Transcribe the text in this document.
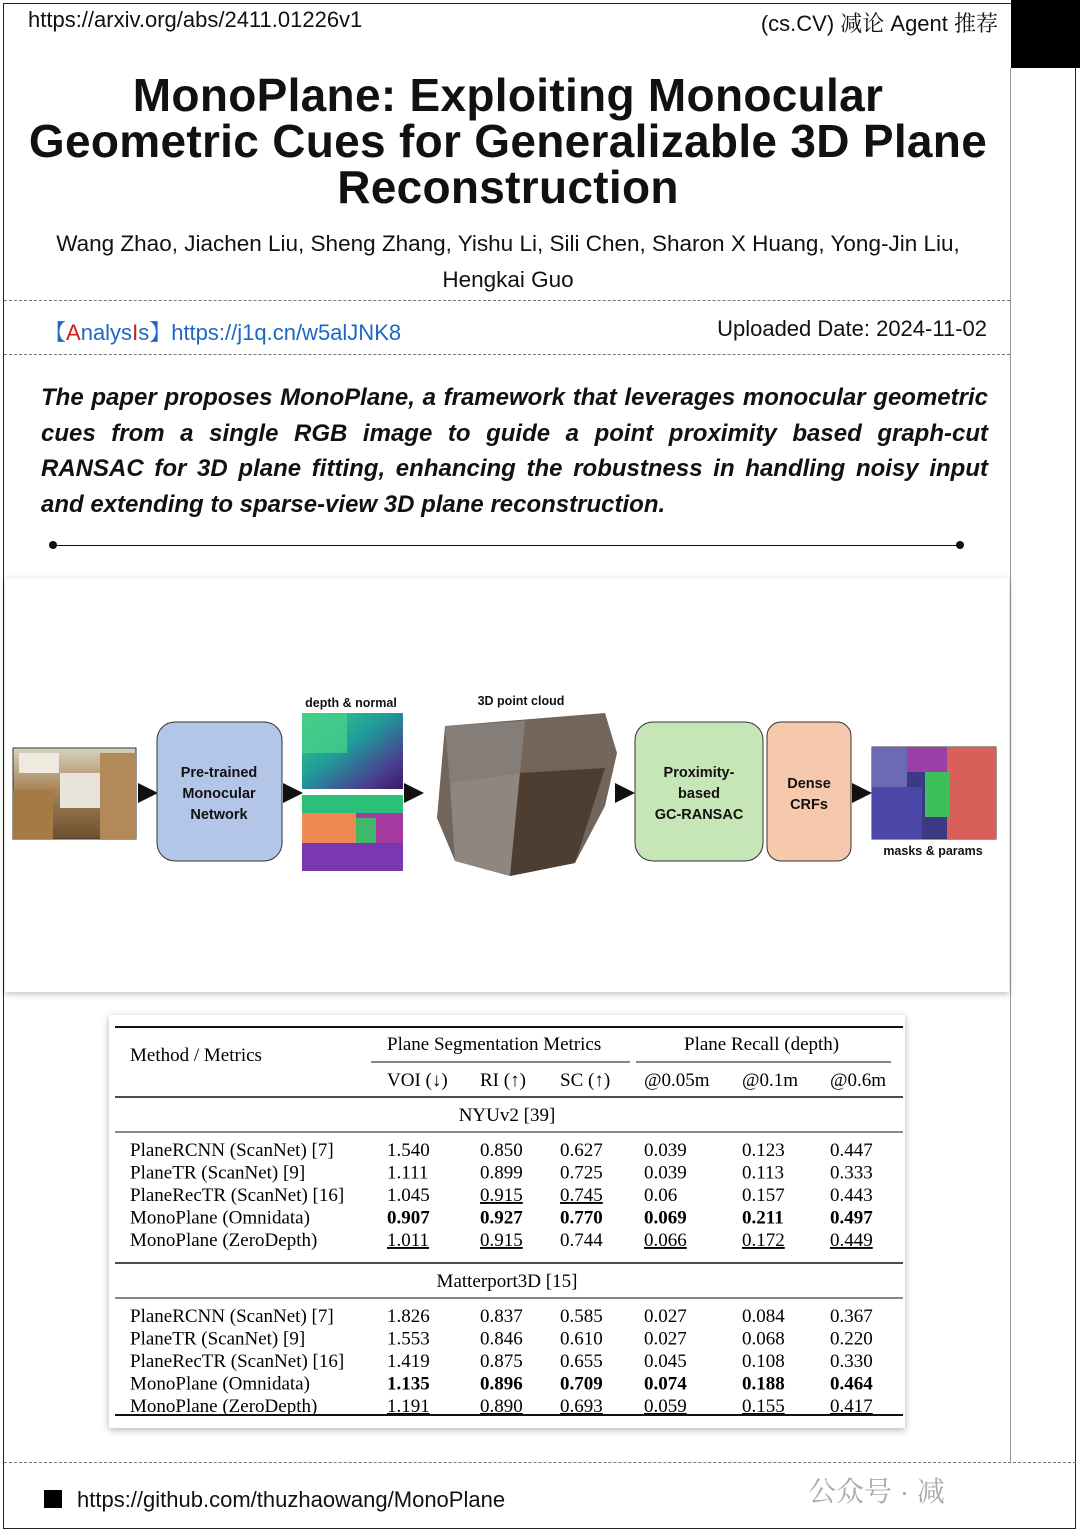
https://arxiv.org/abs/2411.01226v1	(cs.CV) 减论 Agent 推荐
MonoPlane: Exploiting Monocular
Geometric Cues for Generalizable 3D Plane
Reconstruction
Wang Zhao, Jiachen Liu, Sheng Zhang, Yishu Li, Sili Chen, Sharon X Huang, Yong-Jin Liu,
Hengkai Guo
【AnalysIs】https://j1q.cn/w5alJNK8	Uploaded Date: 2024-11-02
The paper proposes MonoPlane, a framework that leverages monocular geometric cues from a single RGB image to guide a point proximity based graph-cut RANSAC for 3D plane fitting, enhancing the robustness in handling noisy input and extending to sparse-view 3D plane reconstruction.
Pre-trained
Monocular
Network
depth & normal	3D point cloud
Proximity-
based
GC-RANSAC
Dense
CRFs
masks & params
Method / Metrics
Plane Segmentation Metrics	Plane Recall (depth)
VOI (↓) RI (↑) SC (↑) @0.05m @0.1m @0.6m
NYUv2 [39]
PlaneRCNN (ScanNet) [7]	1.540	0.850 0.627 0.039	0.123 0.447
PlaneTR (ScanNet) [9]	1.111	0.899 0.725 0.039	0.113 0.333
PlaneRecTR (ScanNet) [16] 1.045	0.915 0.745 0.06	0.157 0.443
MonoPlane (Omnidata)	0.907	0.927 0.770 0.069	0.211 0.497
MonoPlane (ZeroDepth)	1.011	0.915 0.744 0.066	0.172 0.449
Matterport3D [15]
PlaneRCNN (ScanNet) [7]	1.826	0.837 0.585 0.027	0.084 0.367
PlaneTR (ScanNet) [9]	1.553	0.846 0.610 0.027	0.068 0.220
PlaneRecTR (ScanNet) [16] 1.419	0.875 0.655 0.045	0.108 0.330
MonoPlane (Omnidata)	1.135	0.896 0.709 0.074	0.188 0.464
MonoPlane (ZeroDepth)	1.191	0.890 0.693 0.059	0.155 0.417
https://github.com/thuzhaowang/MonoPlane	公众号 · 减
